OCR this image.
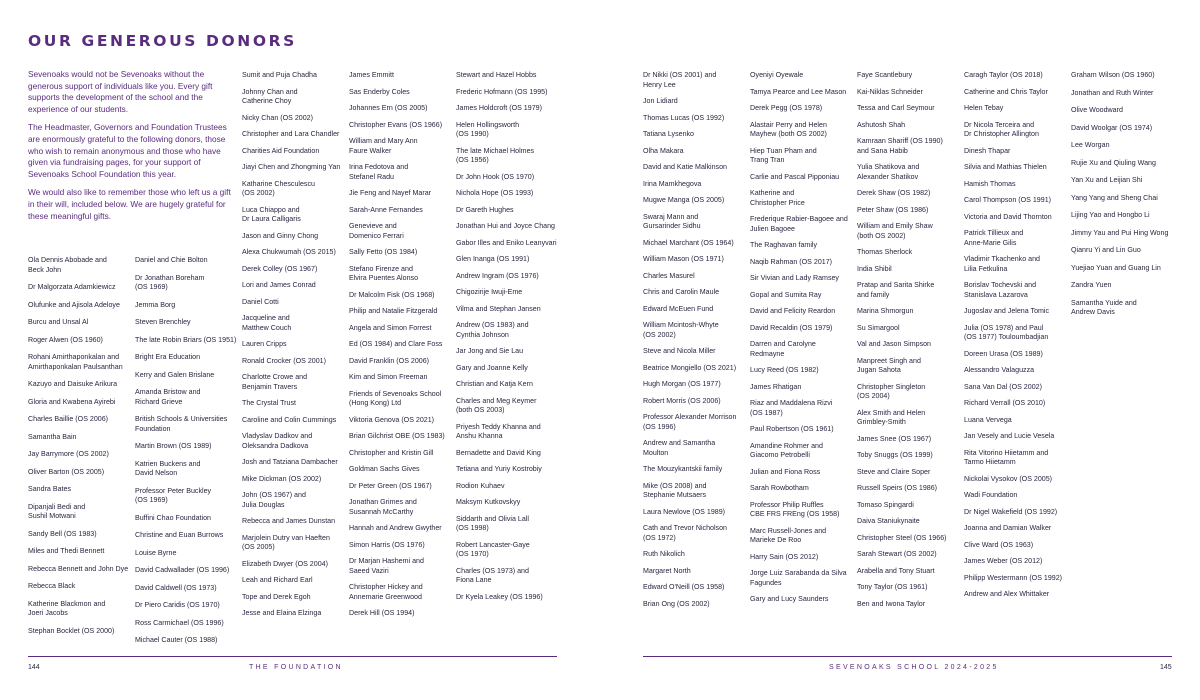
OUR GENEROUS DONORS

Sevenoaks would not be Sevenoaks without the generous support of individuals like you. Every gift supports the development of the school and the experience of our students.

The Headmaster, Governors and Foundation Trustees are enormously grateful to the following donors, those who wish to remain anonymous and those who have given via fundraising pages, for your support of Sevenoaks School Foundation this year.

We would also like to remember those who left us a gift in their will, included below. We are hugely grateful for these meaningful gifts.

Ola Dennis Abobade and
Beck John
Dr Malgorzata Adamkiewicz
Olufunke and Ajisola Adeloye
Burcu and Unsal Al
Roger Alwen (OS 1960)
Rohani Amirthaponkalan and
Amirthaponkalan Paulsanthan
Kazuyo and Daisuke Arikura
Gloria and Kwabena Ayirebi
Charles Baillie (OS 2006)
Samantha Bain
Jay Barrymore (OS 2002)
Oliver Barton (OS 2005)
Sandra Bates
Dipanjali Bedi and
Sushil Motwani
Sandy Bell (OS 1983)
Miles and Thedi Bennett
Rebecca Bennett and John Dye
Rebecca Black
Katherine Blackmon and
Joeri Jacobs
Stephan Bocklet (OS 2000)
Daniel and Chie Bolton
Dr Jonathan Boreham
(OS 1969)
Jemma Borg
Steven Brenchley
The late Robin Briars (OS 1951)
Bright Era Education
Kerry and Galen Brislane
Amanda Bristow and
Richard Grieve
British Schools & Universities
Foundation
Martin Brown (OS 1989)
Katrien Buckens and
David Nelson
Professor Peter Buckley
(OS 1969)
Buffini Chao Foundation
Christine and Euan Burrows
Louise Byrne
David Cadwallader (OS 1996)
David Caldwell (OS 1973)
Dr Piero Caridis (OS 1970)
Ross Carmichael (OS 1996)
Michael Cauter (OS 1988)
Sumit and Puja Chadha
Johnny Chan and
Catherine Choy
Nicky Chan (OS 2002)
Christopher and Lara Chandler
Charities Aid Foundation
Jiayi Chen and Zhongming Yan
Katharine Chesculescu
(OS 2002)
Luca Chiappo and
Dr Laura Calligaris
Jason and Ginny Chong
Alexa Chukwumah (OS 2015)
Derek Colley (OS 1967)
Lori and James Conrad
Daniel Cotti
Jacqueline and
Matthew Couch
Lauren Cripps
Ronald Crocker (OS 2001)
Charlotte Crowe and
Benjamin Travers
The Crystal Trust
Caroline and Colin Cummings
Vladyslav Dadkov and
Oleksandra Dadkova
Josh and Tatziana Dambacher
Mike Dickman (OS 2002)
John (OS 1967) and
Julia Douglas
Rebecca and James Dunstan
Marjolein Dutry van Haeften
(OS 2005)
Elizabeth Dwyer (OS 2004)
Leah and Richard Earl
Tope and Derek Egoh
Jesse and Elaina Elzinga
James Emmitt
Sas Enderby Coles
Johannes Ern (OS 2005)
Christopher Evans (OS 1966)
William and Mary Ann
Faure Walker
Irina Fedotova and
Stefanel Radu
Jie Feng and Nayef Marar
Sarah-Anne Fernandes
Genevieve and
Domenico Ferrari
Sally Fetto (OS 1984)
Stefano Firenze and
Elvira Puentes Alonso
Dr Malcolm Fisk (OS 1968)
Philip and Natalie Fitzgerald
Angela and Simon Forrest
Ed (OS 1984) and Clare Foss
David Franklin (OS 2006)
Kim and Simon Freeman
Friends of Sevenoaks School
(Hong Kong) Ltd
Viktoria Genova (OS 2021)
Brian Gilchrist OBE (OS 1983)
Christopher and Kristin Gill
Goldman Sachs Gives
Dr Peter Green (OS 1967)
Jonathan Grimes and
Susannah McCarthy
Hannah and Andrew Gwyther
Simon Harris (OS 1976)
Dr Marjan Hashemi and
Saeed Vaziri
Christopher Hickey and
Annemarie Greenwood
Derek Hill (OS 1994)
Stewart and Hazel Hobbs
Frederic Hofmann (OS 1995)
James Holdcroft (OS 1979)
Helen Hollingsworth
(OS 1990)
The late Michael Holmes
(OS 1956)
Dr John Hook (OS 1970)
Nichola Hope (OS 1993)
Dr Gareth Hughes
Jonathan Hui and Joyce Chang
Gabor Illes and Eniko Leanyvari
Glen Inanga (OS 1991)
Andrew Ingram (OS 1976)
Chigozirije Iwuji-Eme
Vilma and Stephan Jansen
Andrew (OS 1983) and
Cynthia Johnson
Jar Jong and Sie Lau
Gary and Joanne Kelly
Christian and Katja Kern
Charles and Meg Keymer
(both OS 2003)
Priyesh Teddy Khanna and
Anshu Khanna
Bernadette and David King
Tetiana and Yuriy Kostrobiy
Rodion Kuhaev
Maksym Kutkovskyy
Siddarth and Olivia Lall
(OS 1998)
Robert Lancaster-Gaye
(OS 1970)
Charles (OS 1973) and
Fiona Lane
Dr Kyela Leakey (OS 1996)
Dr Nikki (OS 2001) and
Henry Lee
Jon Lidiard
Thomas Lucas (OS 1992)
Tatiana Lysenko
Olha Makara
David and Katie Malkinson
Irina Mamkhegova
Mugwe Manga (OS 2005)
Swaraj Mann and
Gursarinder Sidhu
Michael Marchant (OS 1964)
William Mason (OS 1971)
Charles Masurel
Chris and Carolin Maule
Edward McEuen Fund
William Mcintosh-Whyte
(OS 2002)
Steve and Nicola Miller
Beatrice Mongiello (OS 2021)
Hugh Morgan (OS 1977)
Robert Morris (OS 2006)
Professor Alexander Morrison
(OS 1996)
Andrew and Samantha
Moulton
The Mouzykantskii family
Mike (OS 2008) and
Stephanie Mutsaers
Laura Newlove (OS 1989)
Cath and Trevor Nicholson
(OS 1972)
Ruth Nikolich
Margaret North
Edward O'Neill (OS 1958)
Brian Ong (OS 2002)
Oyeniyi Oyewale
Tamya Pearce and Lee Mason
Derek Pegg (OS 1978)
Alastair Perry and Helen
Mayhew (both OS 2002)
Hiep Tuan Pham and
Trang Tran
Carlie and Pascal Pipponiau
Katherine and
Christopher Price
Frederique Rabier-Bagoee and
Julien Bagoee
The Raghavan family
Naqib Rahman (OS 2017)
Sir Vivian and Lady Ramsey
Gopal and Sumita Ray
David and Felicity Reardon
David Recaldin (OS 1979)
Darren and Carolyne
Redmayne
Lucy Reed (OS 1982)
James Rhatigan
Riaz and Maddalena Rizvi
(OS 1987)
Paul Robertson (OS 1961)
Amandine Rohmer and
Giacomo Petrobelli
Julian and Fiona Ross
Sarah Rowbotham
Professor Philip Ruffles
CBE FRS FREng (OS 1958)
Marc Russell-Jones and
Marieke De Roo
Harry Sain (OS 2012)
Jorge Luiz Sarabanda da Silva
Fagundes
Gary and Lucy Saunders
Faye Scantlebury
Kai-Niklas Schneider
Tessa and Carl Seymour
Ashutosh Shah
Kamraan Shariff (OS 1990)
and Sana Habib
Yulia Shatikova and
Alexander Shatikov
Derek Shaw (OS 1982)
Peter Shaw (OS 1986)
William and Emily Shaw
(both OS 2002)
Thomas Sherlock
India Shibil
Pratap and Sarita Shirke
and family
Marina Shmorgun
Su Simargool
Val and Jason Simpson
Manpreet Singh and
Jugan Sahota
Christopher Singleton
(OS 2004)
Alex Smith and Helen
Grimbley-Smith
James Snee (OS 1967)
Toby Snuggs (OS 1999)
Steve and Claire Soper
Russell Speirs (OS 1986)
Tomaso Spingardi
Daiva Staniukynaite
Christopher Steel (OS 1966)
Sarah Stewart (OS 2002)
Arabella and Tony Stuart
Tony Taylor (OS 1961)
Ben and Iwona Taylor
Caragh Taylor (OS 2018)
Catherine and Chris Taylor
Helen Tebay
Dr Nicola Terceira and
Dr Christopher Allington
Dinesh Thapar
Silvia and Mathias Thielen
Hamish Thomas
Carol Thompson (OS 1991)
Victoria and David Thornton
Patrick Tillieux and
Anne-Marie Gilis
Vladimir Tkachenko and
Lilia Fetkulina
Borislav Tochevski and
Stanislava Lazarova
Jugoslav and Jelena Tomic
Julia (OS 1978) and Paul
(OS 1977) Touloumbadjian
Doreen Urasa (OS 1989)
Alessandro Valaguzza
Sana Van Dal (OS 2002)
Richard Verrall (OS 2010)
Luana Vervega
Jan Vesely and Lucie Vesela
Rita Vitorino Hiietamm and
Tarmo Hiietamm
Nickolai Vysokov (OS 2005)
Wadi Foundation
Dr Nigel Wakefield (OS 1992)
Joanna and Damian Walker
Clive Ward (OS 1963)
James Weber (OS 2012)
Philipp Westermann (OS 1992)
Andrew and Alex Whittaker
Graham Wilson (OS 1960)
Jonathan and Ruth Winter
Olive Woodward
David Woolgar (OS 1974)
Lee Worgan
Rujie Xu and Qiuling Wang
Yan Xu and Leijian Shi
Yang Yang and Sheng Chai
Lijing Yao and Hongbo Li
Jimmy Yau and Pui Hing Wong
Qianru Yi and Lin Guo
Yuejiao Yuan and Guang Lin
Zandra Yuen
Samantha Yuide and
Andrew Davis
144	THE FOUNDATION	SEVENOAKS SCHOOL 2024-2025	145
